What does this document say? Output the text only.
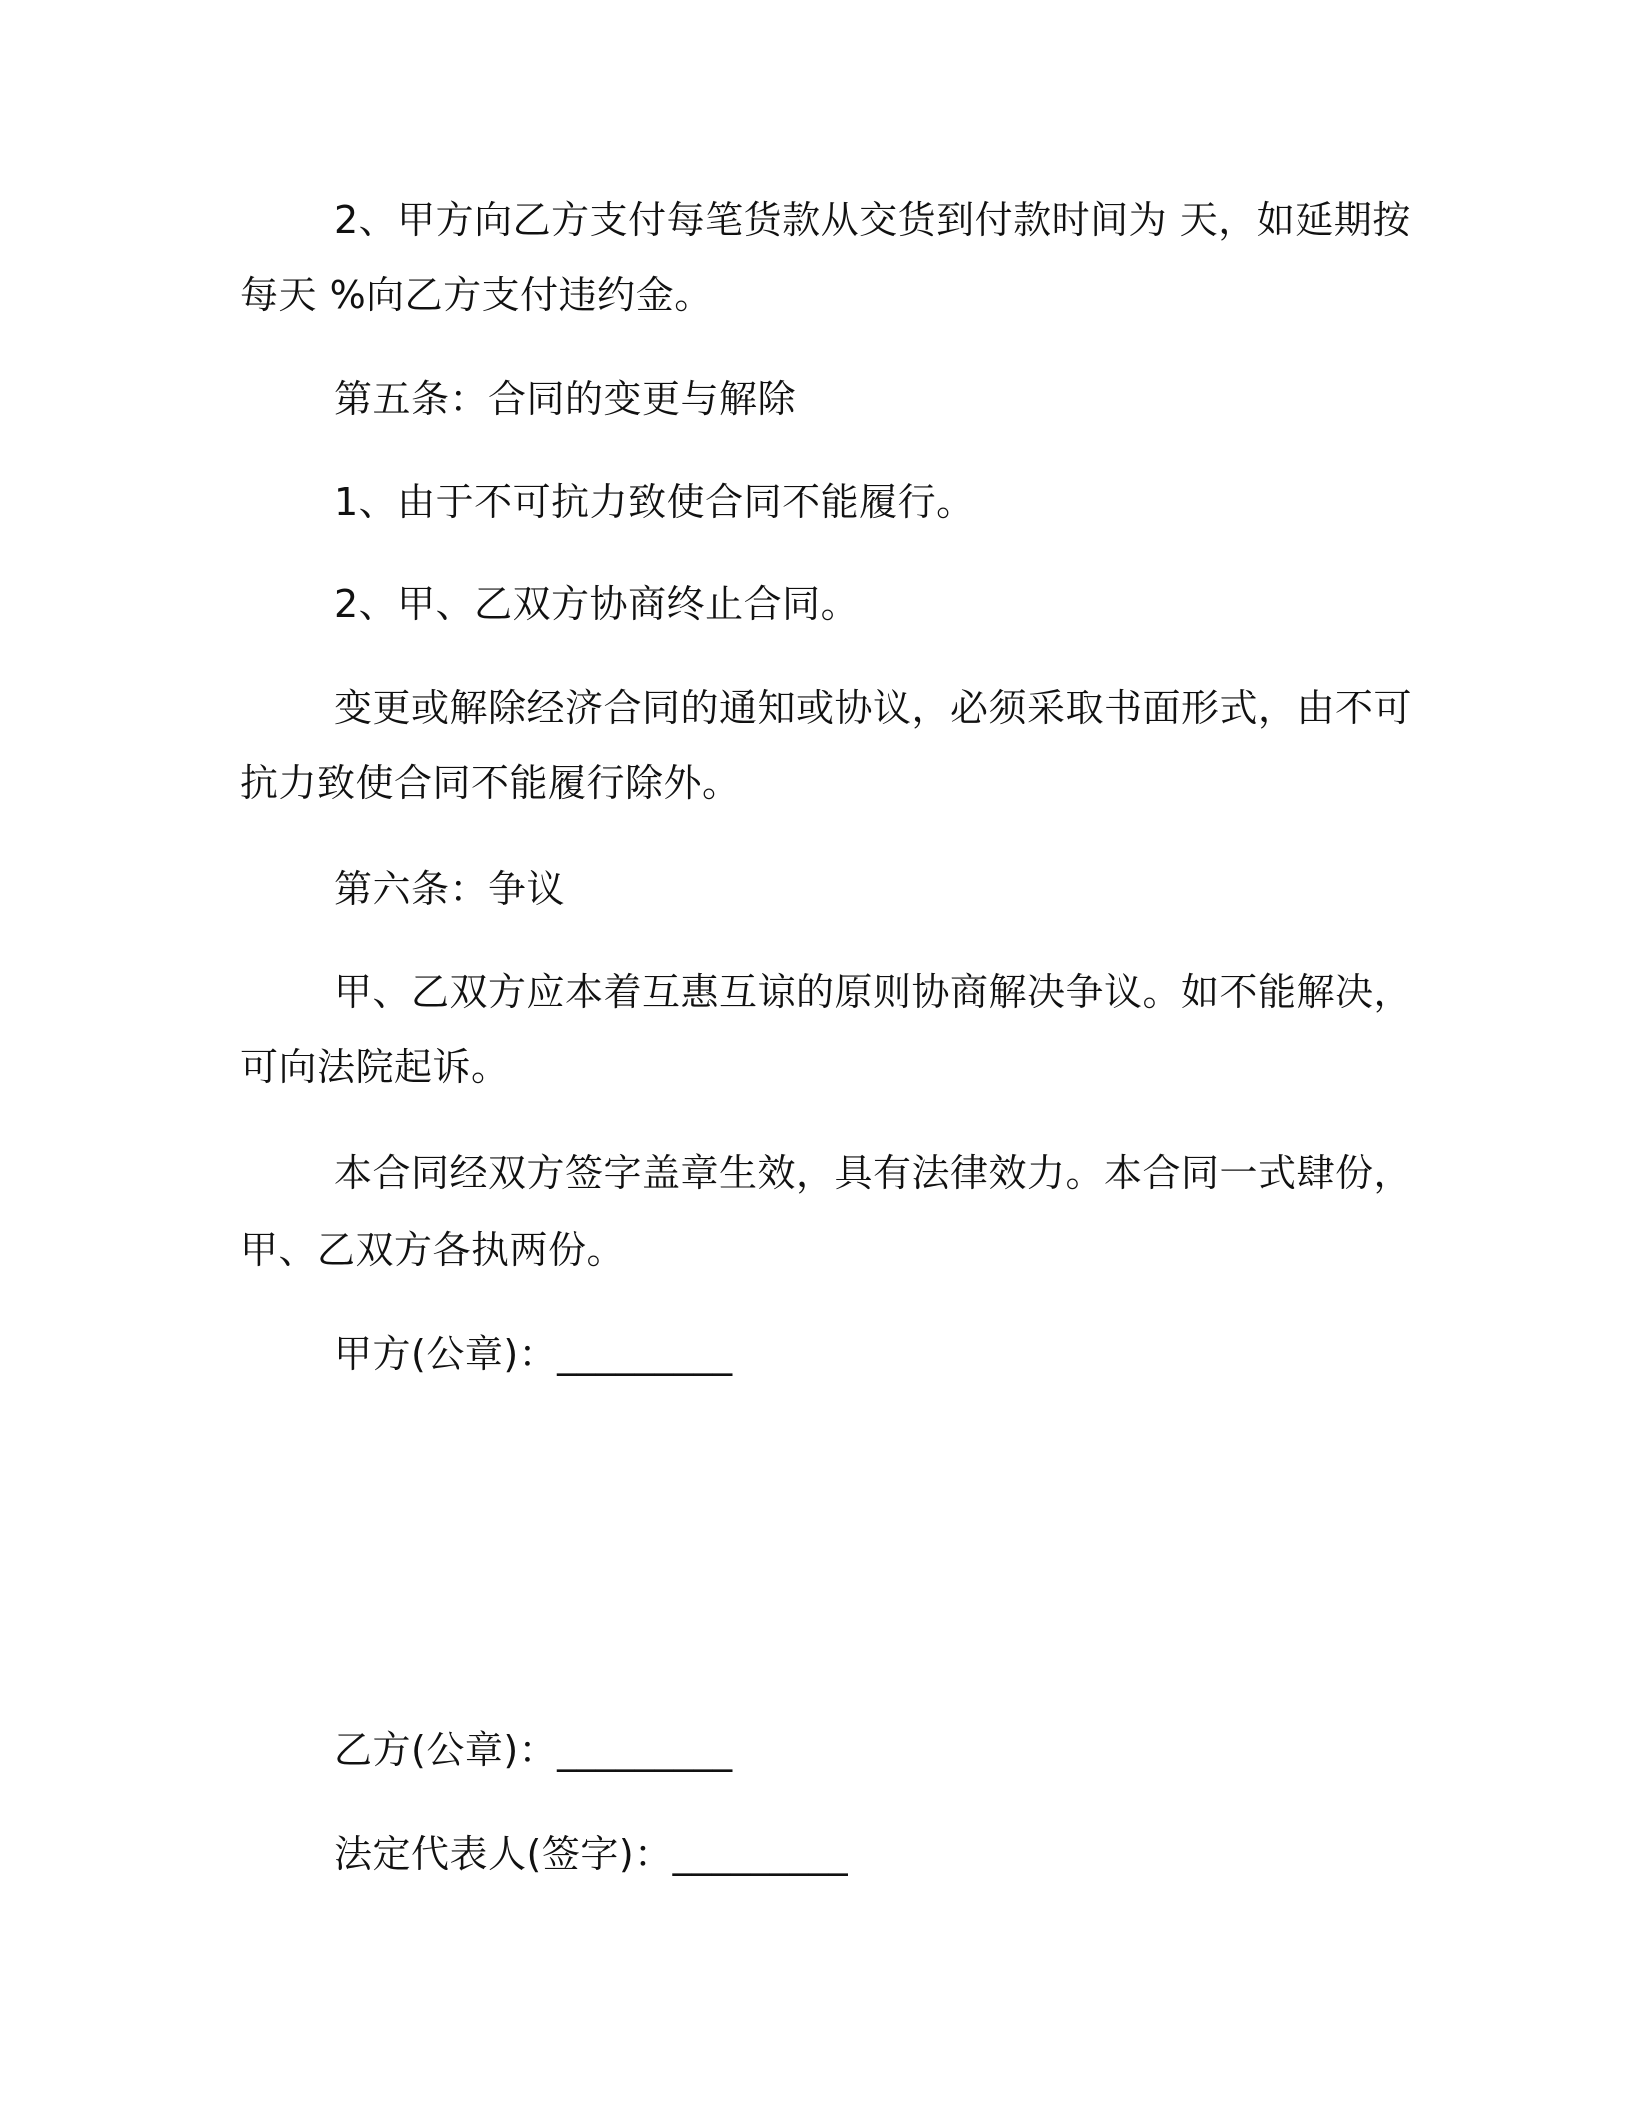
2、甲方向乙方支付每笔货款从交货到付款时间为 天，如延期按
每天 %向乙方支付违约金。
第五条：合同的变更与解除
1、由于不可抗力致使合同不能履行。
2、甲、乙双方协商终止合同。
变更或解除经济合同的通知或协议，必须采取书面形式，由不可
抗力致使合同不能履行除外。
第六条：争议
甲、乙双方应本着互惠互谅的原则协商解决争议。如不能解决，
可向法院起诉。
本合同经双方签字盖章生效，具有法律效力。本合同一式肆份，
甲、乙双方各执两份。
甲方(公章)：_________
乙方(公章)：_________
法定代表人(签字)：_________
